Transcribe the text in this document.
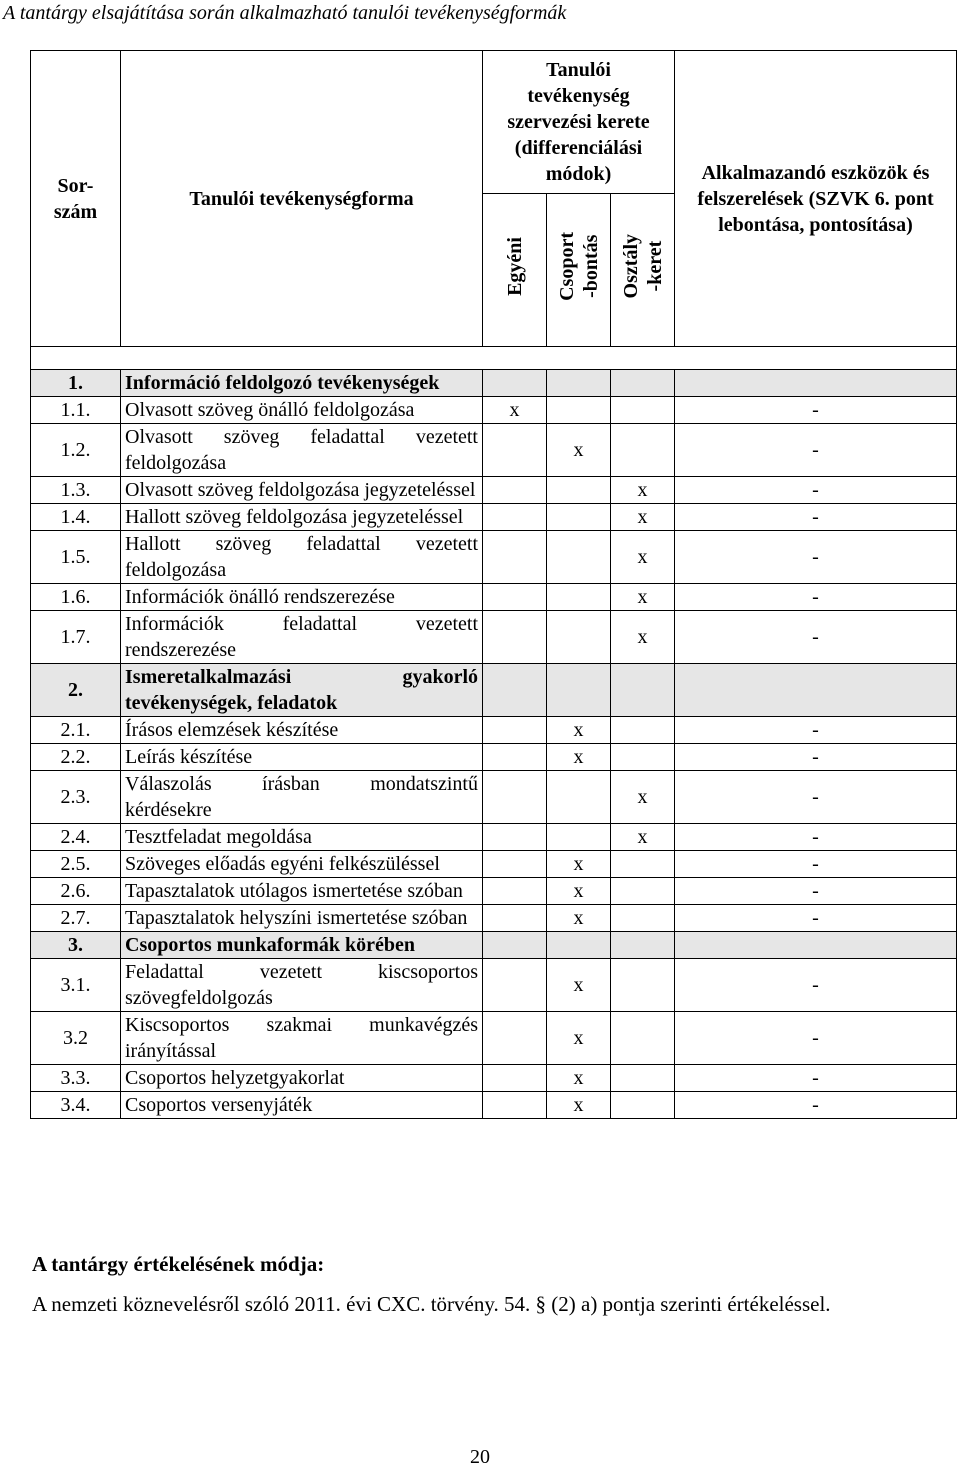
A tantárgy elsajátítása során alkalmazható tanulói tevékenységformák
Sor-
szám	Tanulói tevékenységforma	Tanulói tevékenység szervezési kerete (differenciálási módok)			Alkalmazandó eszközök és felszerelések (SZVK 6. pont lebontása, pontosítása)
		Egyéni	Csoport -bontás	Osztály -keret	

1.	Információ feldolgozó tevékenységek				
1.1.	Olvasott szöveg önálló feldolgozása	x			-
1.2.	Olvasott szöveg feladattal vezetett feldolgozása		x		-
1.3.	Olvasott szöveg feldolgozása jegyzeteléssel			x	-
1.4.	Hallott szöveg feldolgozása jegyzeteléssel			x	-
1.5.	Hallott szöveg feladattal vezetett feldolgozása			x	-
1.6.	Információk önálló rendszerezése			x	-
1.7.	Információk feladattal vezetett rendszerezése			x	-
2.	Ismeretalkalmazási gyakorló tevékenységek, feladatok				
2.1.	Írásos elemzések készítése		x		-
2.2.	Leírás készítése		x		-
2.3.	Válaszolás írásban mondatszintű kérdésekre			x	-
2.4.	Tesztfeladat megoldása			x	-
2.5.	Szöveges előadás egyéni felkészüléssel		x		-
2.6.	Tapasztalatok utólagos ismertetése szóban		x		-
2.7.	Tapasztalatok helyszíni ismertetése szóban		x		-
3.	Csoportos munkaformák körében				
3.1.	Feladattal vezetett kiscsoportos szövegfeldolgozás		x		-
3.2	Kiscsoportos szakmai munkavégzés irányítással		x		-
3.3.	Csoportos helyzetgyakorlat		x		-
3.4.	Csoportos versenyjáték		x		-
A tantárgy értékelésének módja:
A nemzeti köznevelésről szóló 2011. évi CXC. törvény. 54. § (2) a) pontja szerinti értékeléssel.
20
